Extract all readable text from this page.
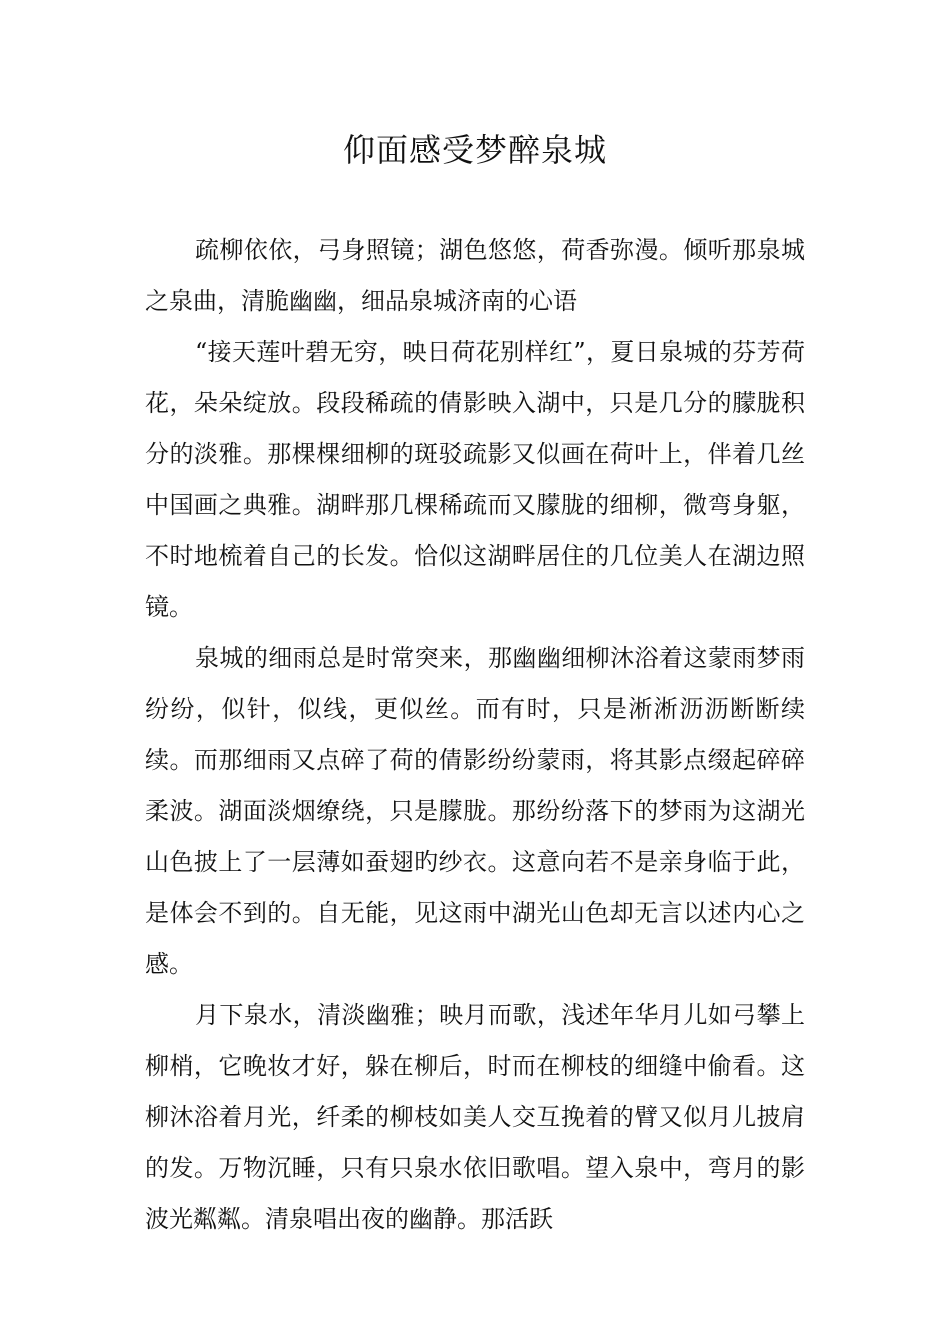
仰面感受梦醉泉城

疏柳依依，弓身照镜；湖色悠悠，荷香弥漫。倾听那泉城之泉曲，清脆幽幽，细品泉城济南的心语

“接天莲叶碧无穷，映日荷花别样红”，夏日泉城的芬芳荷花，朵朵绽放。段段稀疏的倩影映入湖中，只是几分的朦胧积分的淡雅。那棵棵细柳的斑驳疏影又似画在荷叶上，伴着几丝中国画之典雅。湖畔那几棵稀疏而又朦胧的细柳，微弯身躯，不时地梳着自己的长发。恰似这湖畔居住的几位美人在湖边照镜。

泉城的细雨总是时常突来，那幽幽细柳沐浴着这蒙雨梦雨纷纷，似针，似线，更似丝。而有时，只是淅淅沥沥断断续续。而那细雨又点碎了荷的倩影纷纷蒙雨，将其影点缀起碎碎柔波。湖面淡烟缭绕，只是朦胧。那纷纷落下的梦雨为这湖光山色披上了一层薄如蚕翅旳纱衣。这意向若不是亲身临于此，是体会不到的。自无能，见这雨中湖光山色却无言以述内心之感。

月下泉水，清淡幽雅；映月而歌，浅述年华月儿如弓攀上柳梢，它晚妆才好，躲在柳后，时而在柳枝的细缝中偷看。这柳沐浴着月光，纤柔的柳枝如美人交互挽着的臂又似月儿披肩的发。万物沉睡，只有只泉水依旧歌唱。望入泉中，弯月的影波光粼粼。清泉唱出夜的幽静。那活跃
